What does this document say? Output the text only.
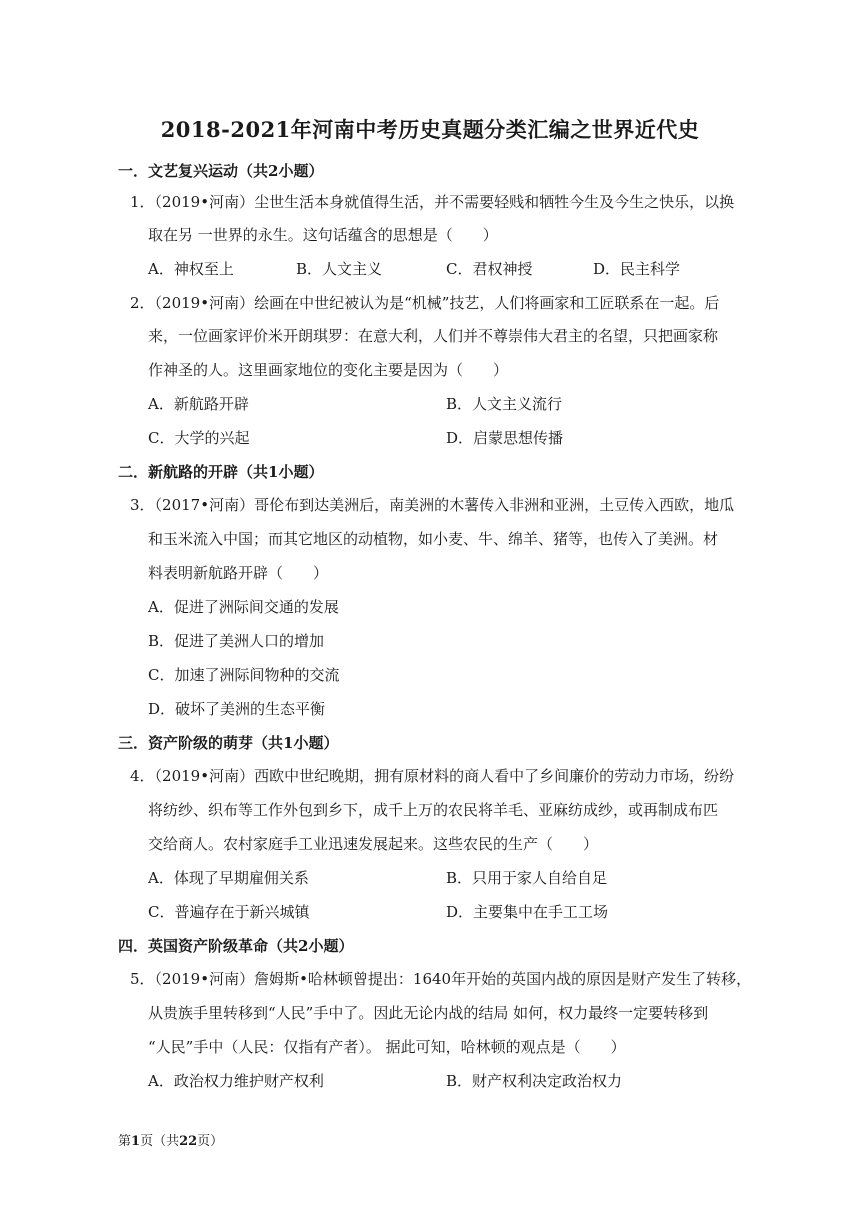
2018-2021年河南中考历史真题分类汇编之世界近代史
一．文艺复兴运动（共2小题）
1．（2019•河南）尘世生活本身就值得生活，并不需要轻贱和牺牲今生及今生之快乐，以换
取在另 一世界的永生。这句话蕴含的思想是（　　）
A．神权至上	B．人文主义	C．君权神授	D．民主科学
2．（2019•河南）绘画在中世纪被认为是“机械”技艺，人们将画家和工匠联系在一起。后
来，一位画家评价米开朗琪罗：在意大利，人们并不尊崇伟大君主的名望，只把画家称
作神圣的人。这里画家地位的变化主要是因为（　　）
A．新航路开辟	B．人文主义流行
C．大学的兴起	D．启蒙思想传播
二．新航路的开辟（共1小题）
3．（2017•河南）哥伦布到达美洲后，南美洲的木薯传入非洲和亚洲，土豆传入西欧，地瓜
和玉米流入中国；而其它地区的动植物，如小麦、牛、绵羊、猪等，也传入了美洲。材
料表明新航路开辟（　　）
A．促进了洲际间交通的发展
B．促进了美洲人口的增加
C．加速了洲际间物种的交流
D．破坏了美洲的生态平衡
三．资产阶级的萌芽（共1小题）
4．（2019•河南）西欧中世纪晚期，拥有原材料的商人看中了乡间廉价的劳动力市场，纷纷
将纺纱、织布等工作外包到乡下，成千上万的农民将羊毛、亚麻纺成纱，或再制成布匹
交给商人。农村家庭手工业迅速发展起来。这些农民的生产（　　）
A．体现了早期雇佣关系	B．只用于家人自给自足
C．普遍存在于新兴城镇	D．主要集中在手工工场
四．英国资产阶级革命（共2小题）
5．（2019•河南）詹姆斯•哈林顿曾提出：1640年开始的英国内战的原因是财产发生了转移，
从贵族手里转移到“人民”手中了。因此无论内战的结局 如何，权力最终一定要转移到
“人民”手中（人民：仅指有产者）。 据此可知，哈林顿的观点是（　　）
A．政治权力维护财产权利	B．财产权利决定政治权力
第1页（共22页）
